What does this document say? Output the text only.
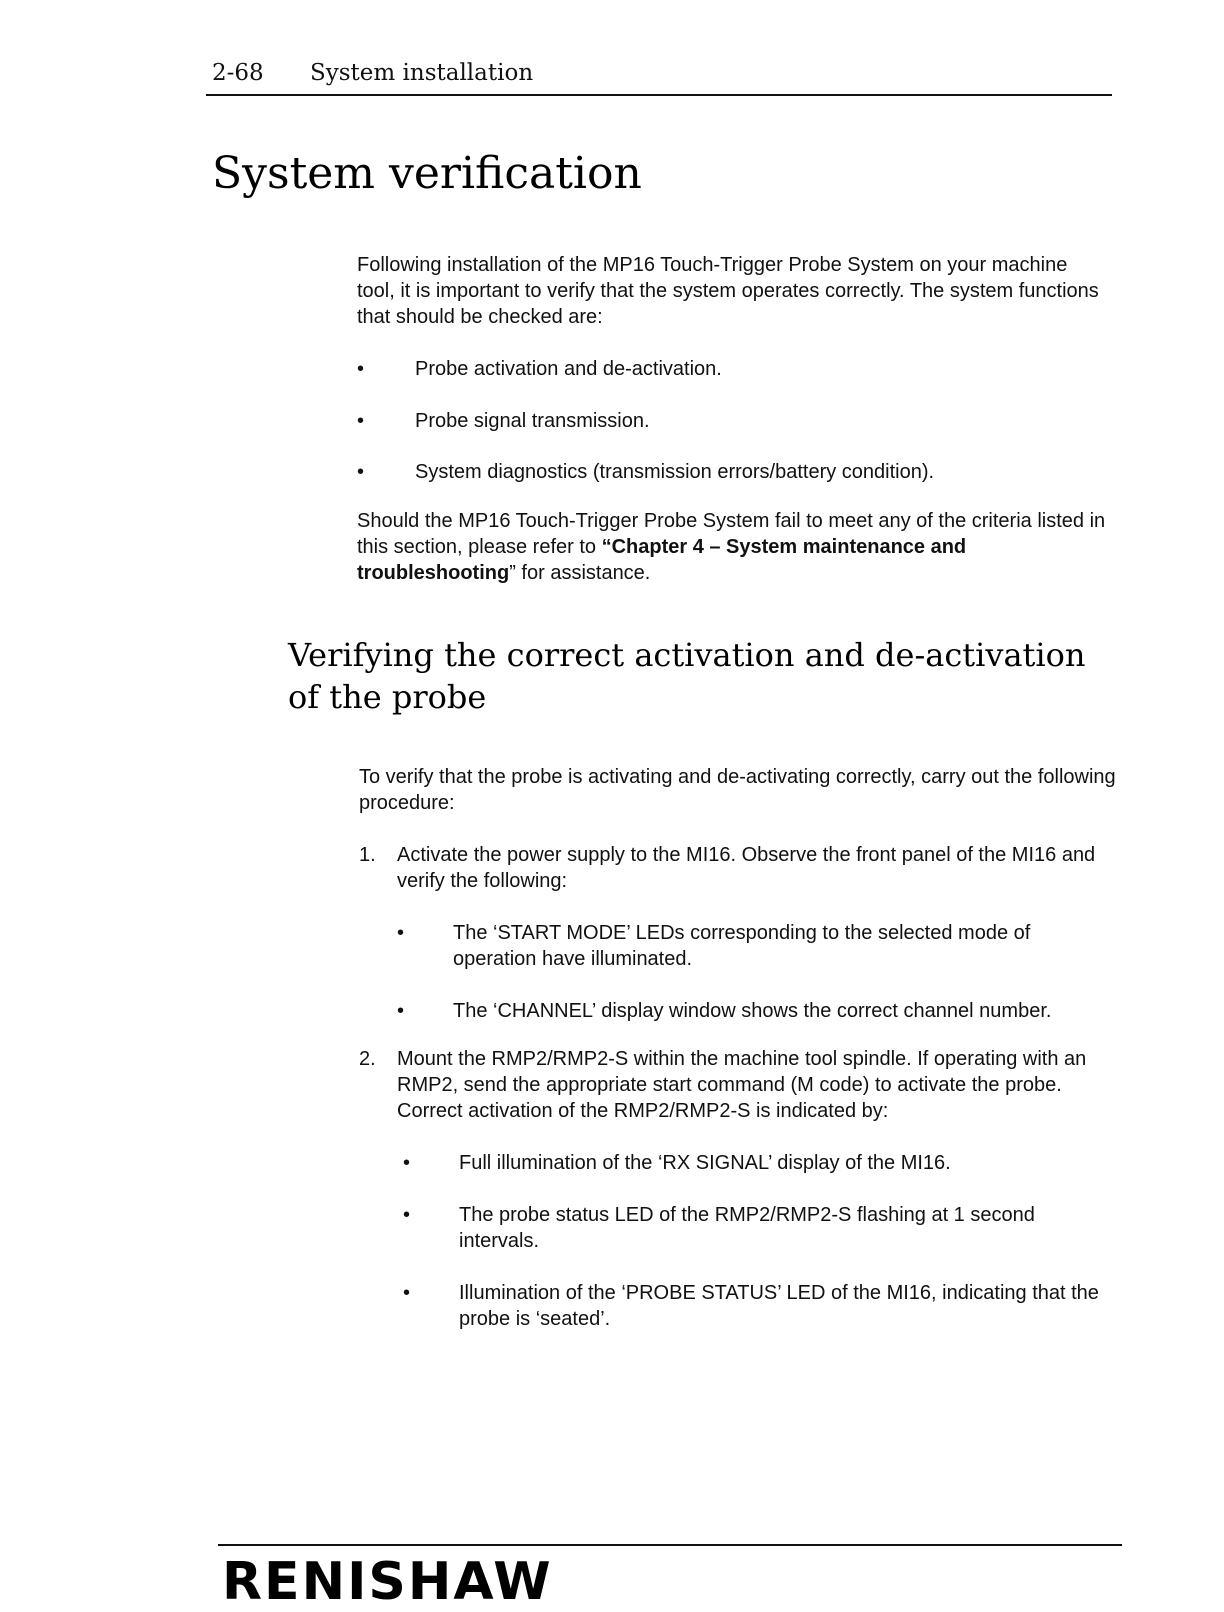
2-68 System installation
System verification

Following installation of the MP16 Touch-Trigger Probe System on your machine tool, it is important to verify that the system operates correctly. The system functions that should be checked are:

•	Probe activation and de-activation.
•	Probe signal transmission.
•	System diagnostics (transmission errors/battery condition).

Should the MP16 Touch-Trigger Probe System fail to meet any of the criteria listed in this section, please refer to “Chapter 4 – System maintenance and troubleshooting” for assistance.

Verifying the correct activation and de-activation of the probe

To verify that the probe is activating and de-activating correctly, carry out the following procedure:

1. Activate the power supply to the MI16. Observe the front panel of the MI16 and verify the following:
• The ‘START MODE’ LEDs corresponding to the selected mode of operation have illuminated.
• The ‘CHANNEL’ display window shows the correct channel number.
2. Mount the RMP2/RMP2-S within the machine tool spindle. If operating with an RMP2, send the appropriate start command (M code) to activate the probe. Correct activation of the RMP2/RMP2-S is indicated by:
• Full illumination of the ‘RX SIGNAL’ display of the MI16.
• The probe status LED of the RMP2/RMP2-S flashing at 1 second intervals.
• Illumination of the ‘PROBE STATUS’ LED of the MI16, indicating that the probe is ‘seated’.
RENISHAW
